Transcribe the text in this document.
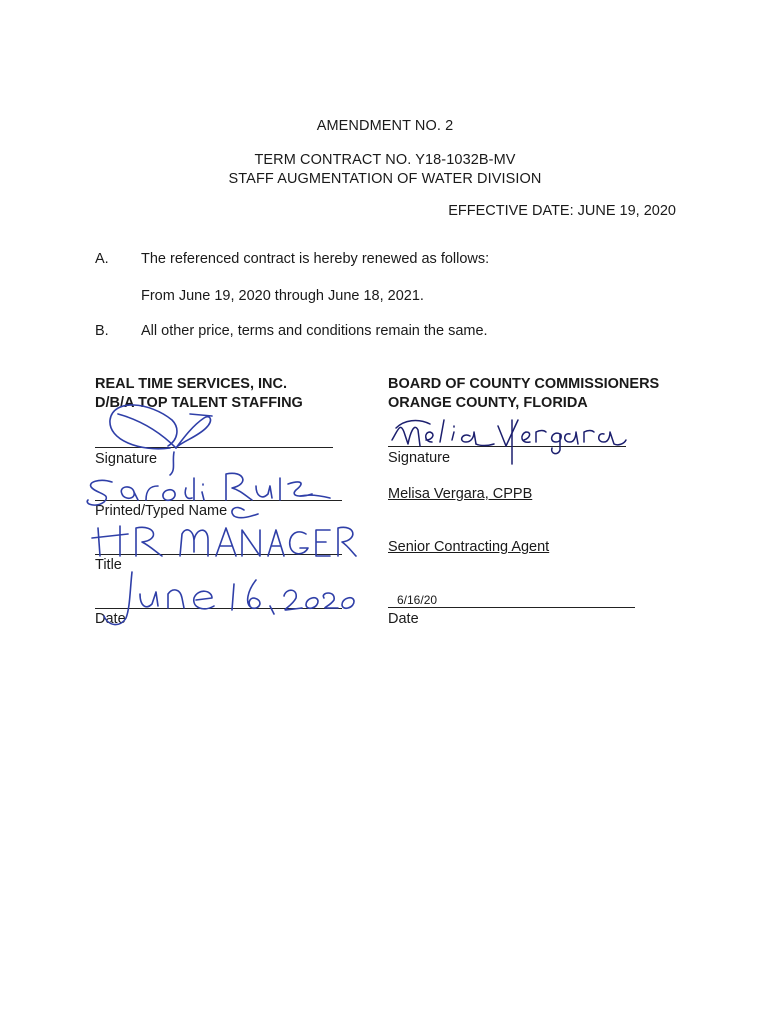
AMENDMENT NO. 2
TERM CONTRACT NO. Y18-1032B-MV
STAFF AUGMENTATION OF WATER DIVISION
EFFECTIVE DATE: JUNE 19, 2020
A. The referenced contract is hereby renewed as follows:
From June 19, 2020 through June 18, 2021.
B. All other price, terms and conditions remain the same.
REAL TIME SERVICES, INC.
D/B/A TOP TALENT STAFFING
Signature
Printed/Typed Name
Title
Date
BOARD OF COUNTY COMMISSIONERS
ORANGE COUNTY, FLORIDA
Signature
Melisa Vergara, CPPB
Senior Contracting Agent
6/16/20
Date
